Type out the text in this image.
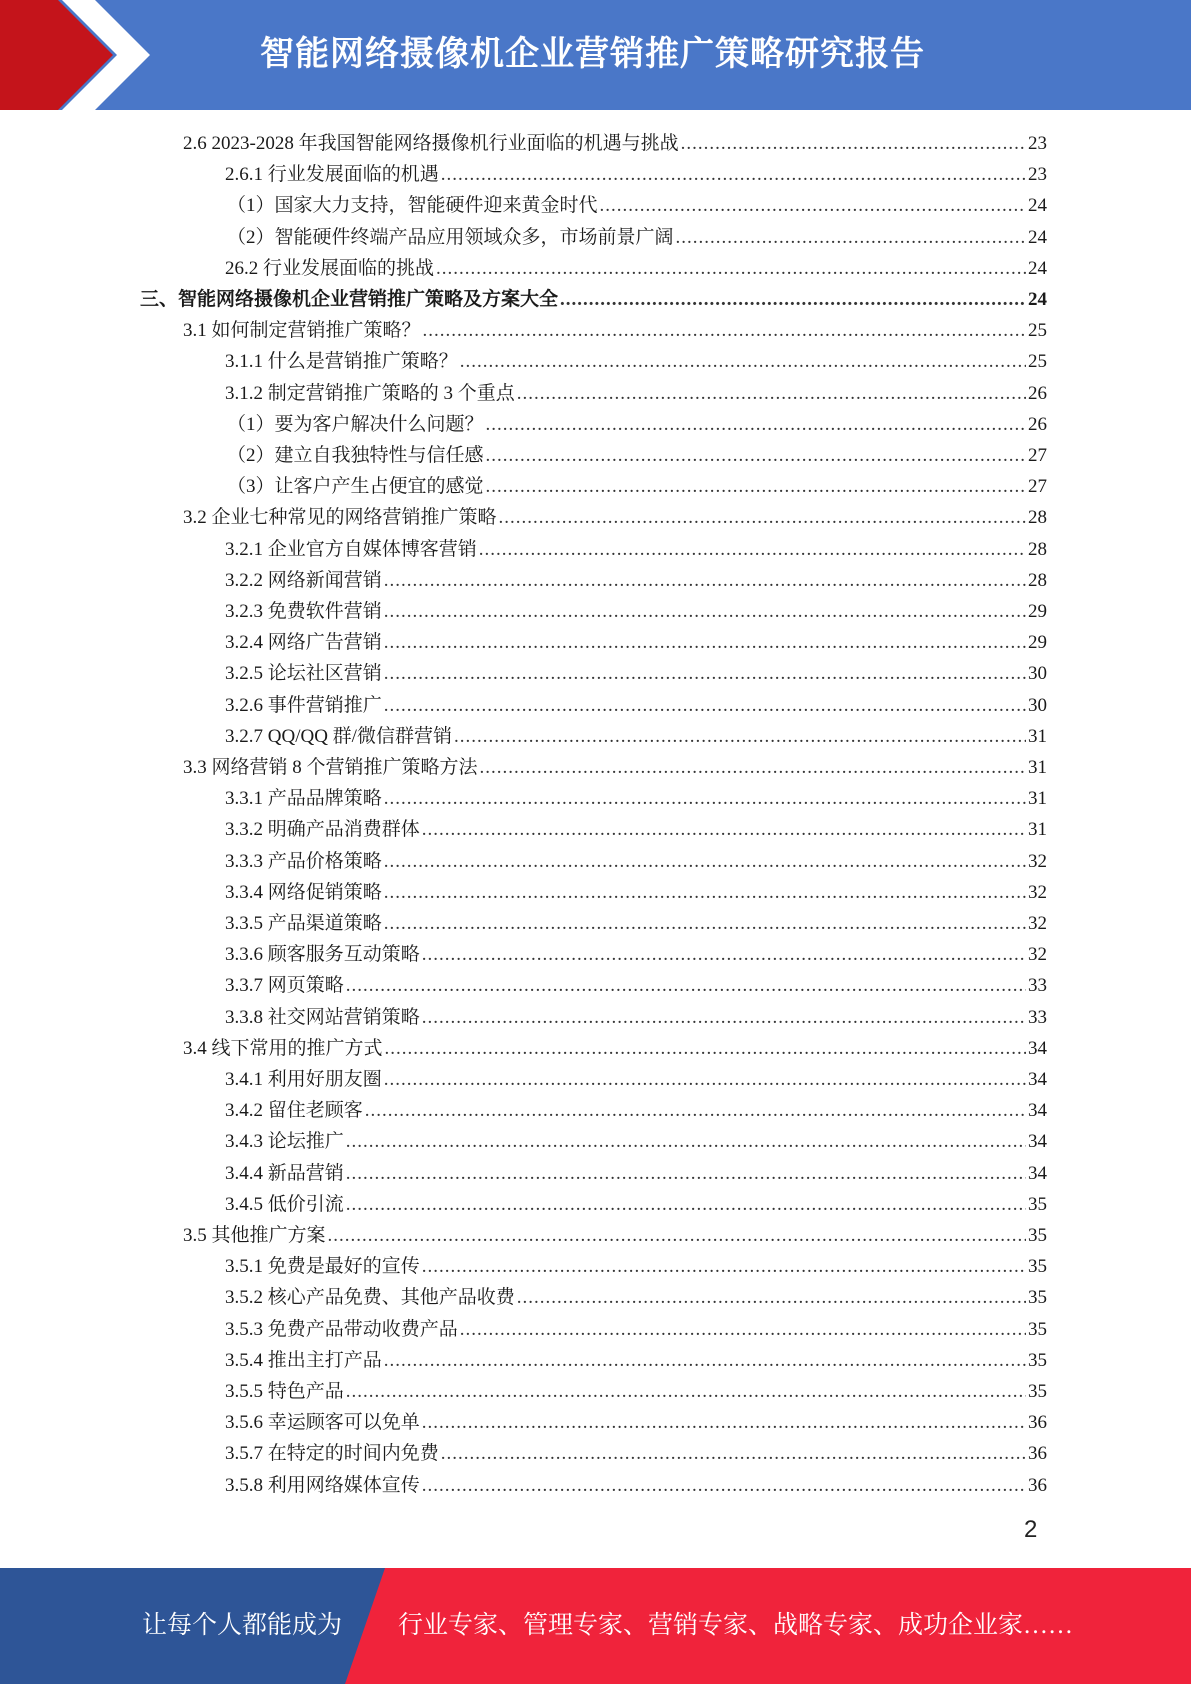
智能网络摄像机企业营销推广策略研究报告
2.6 2023-2028 年我国智能网络摄像机行业面临的机遇与挑战 .....	23
2.6.1 行业发展面临的机遇 .....	23
（1）国家大力支持，智能硬件迎来黄金时代 .....	24
（2）智能硬件终端产品应用领域众多，市场前景广阔 .....	24
26.2 行业发展面临的挑战 .....	24
三、智能网络摄像机企业营销推广策略及方案大全 .....	24
3.1 如何制定营销推广策略？ .....	25
3.1.1 什么是营销推广策略？ .....	25
3.1.2 制定营销推广策略的 3 个重点 .....	26
（1）要为客户解决什么问题？ .....	26
（2）建立自我独特性与信任感 .....	27
（3）让客户产生占便宜的感觉 .....	27
3.2 企业七种常见的网络营销推广策略 .....	28
3.2.1 企业官方自媒体博客营销 .....	28
3.2.2 网络新闻营销 .....	28
3.2.3 免费软件营销 .....	29
3.2.4 网络广告营销 .....	29
3.2.5 论坛社区营销 .....	30
3.2.6 事件营销推广 .....	30
3.2.7 QQ/QQ 群/微信群营销 .....	31
3.3 网络营销 8 个营销推广策略方法 .....	31
3.3.1 产品品牌策略 .....	31
3.3.2 明确产品消费群体 .....	31
3.3.3 产品价格策略 .....	32
3.3.4 网络促销策略 .....	32
3.3.5 产品渠道策略 .....	32
3.3.6 顾客服务互动策略 .....	32
3.3.7 网页策略 .....	33
3.3.8 社交网站营销策略 .....	33
3.4 线下常用的推广方式 .....	34
3.4.1 利用好朋友圈 .....	34
3.4.2 留住老顾客 .....	34
3.4.3 论坛推广 .....	34
3.4.4 新品营销 .....	34
3.4.5 低价引流 .....	35
3.5 其他推广方案 .....	35
3.5.1 免费是最好的宣传 .....	35
3.5.2 核心产品免费、其他产品收费 .....	35
3.5.3 免费产品带动收费产品 .....	35
3.5.4 推出主打产品 .....	35
3.5.5 特色产品 .....	35
3.5.6 幸运顾客可以免单 .....	36
3.5.7 在特定的时间内免费 .....	36
3.5.8 利用网络媒体宣传 .....	36
2
让每个人都能成为 行业专家、管理专家、营销专家、战略专家、成功企业家……
